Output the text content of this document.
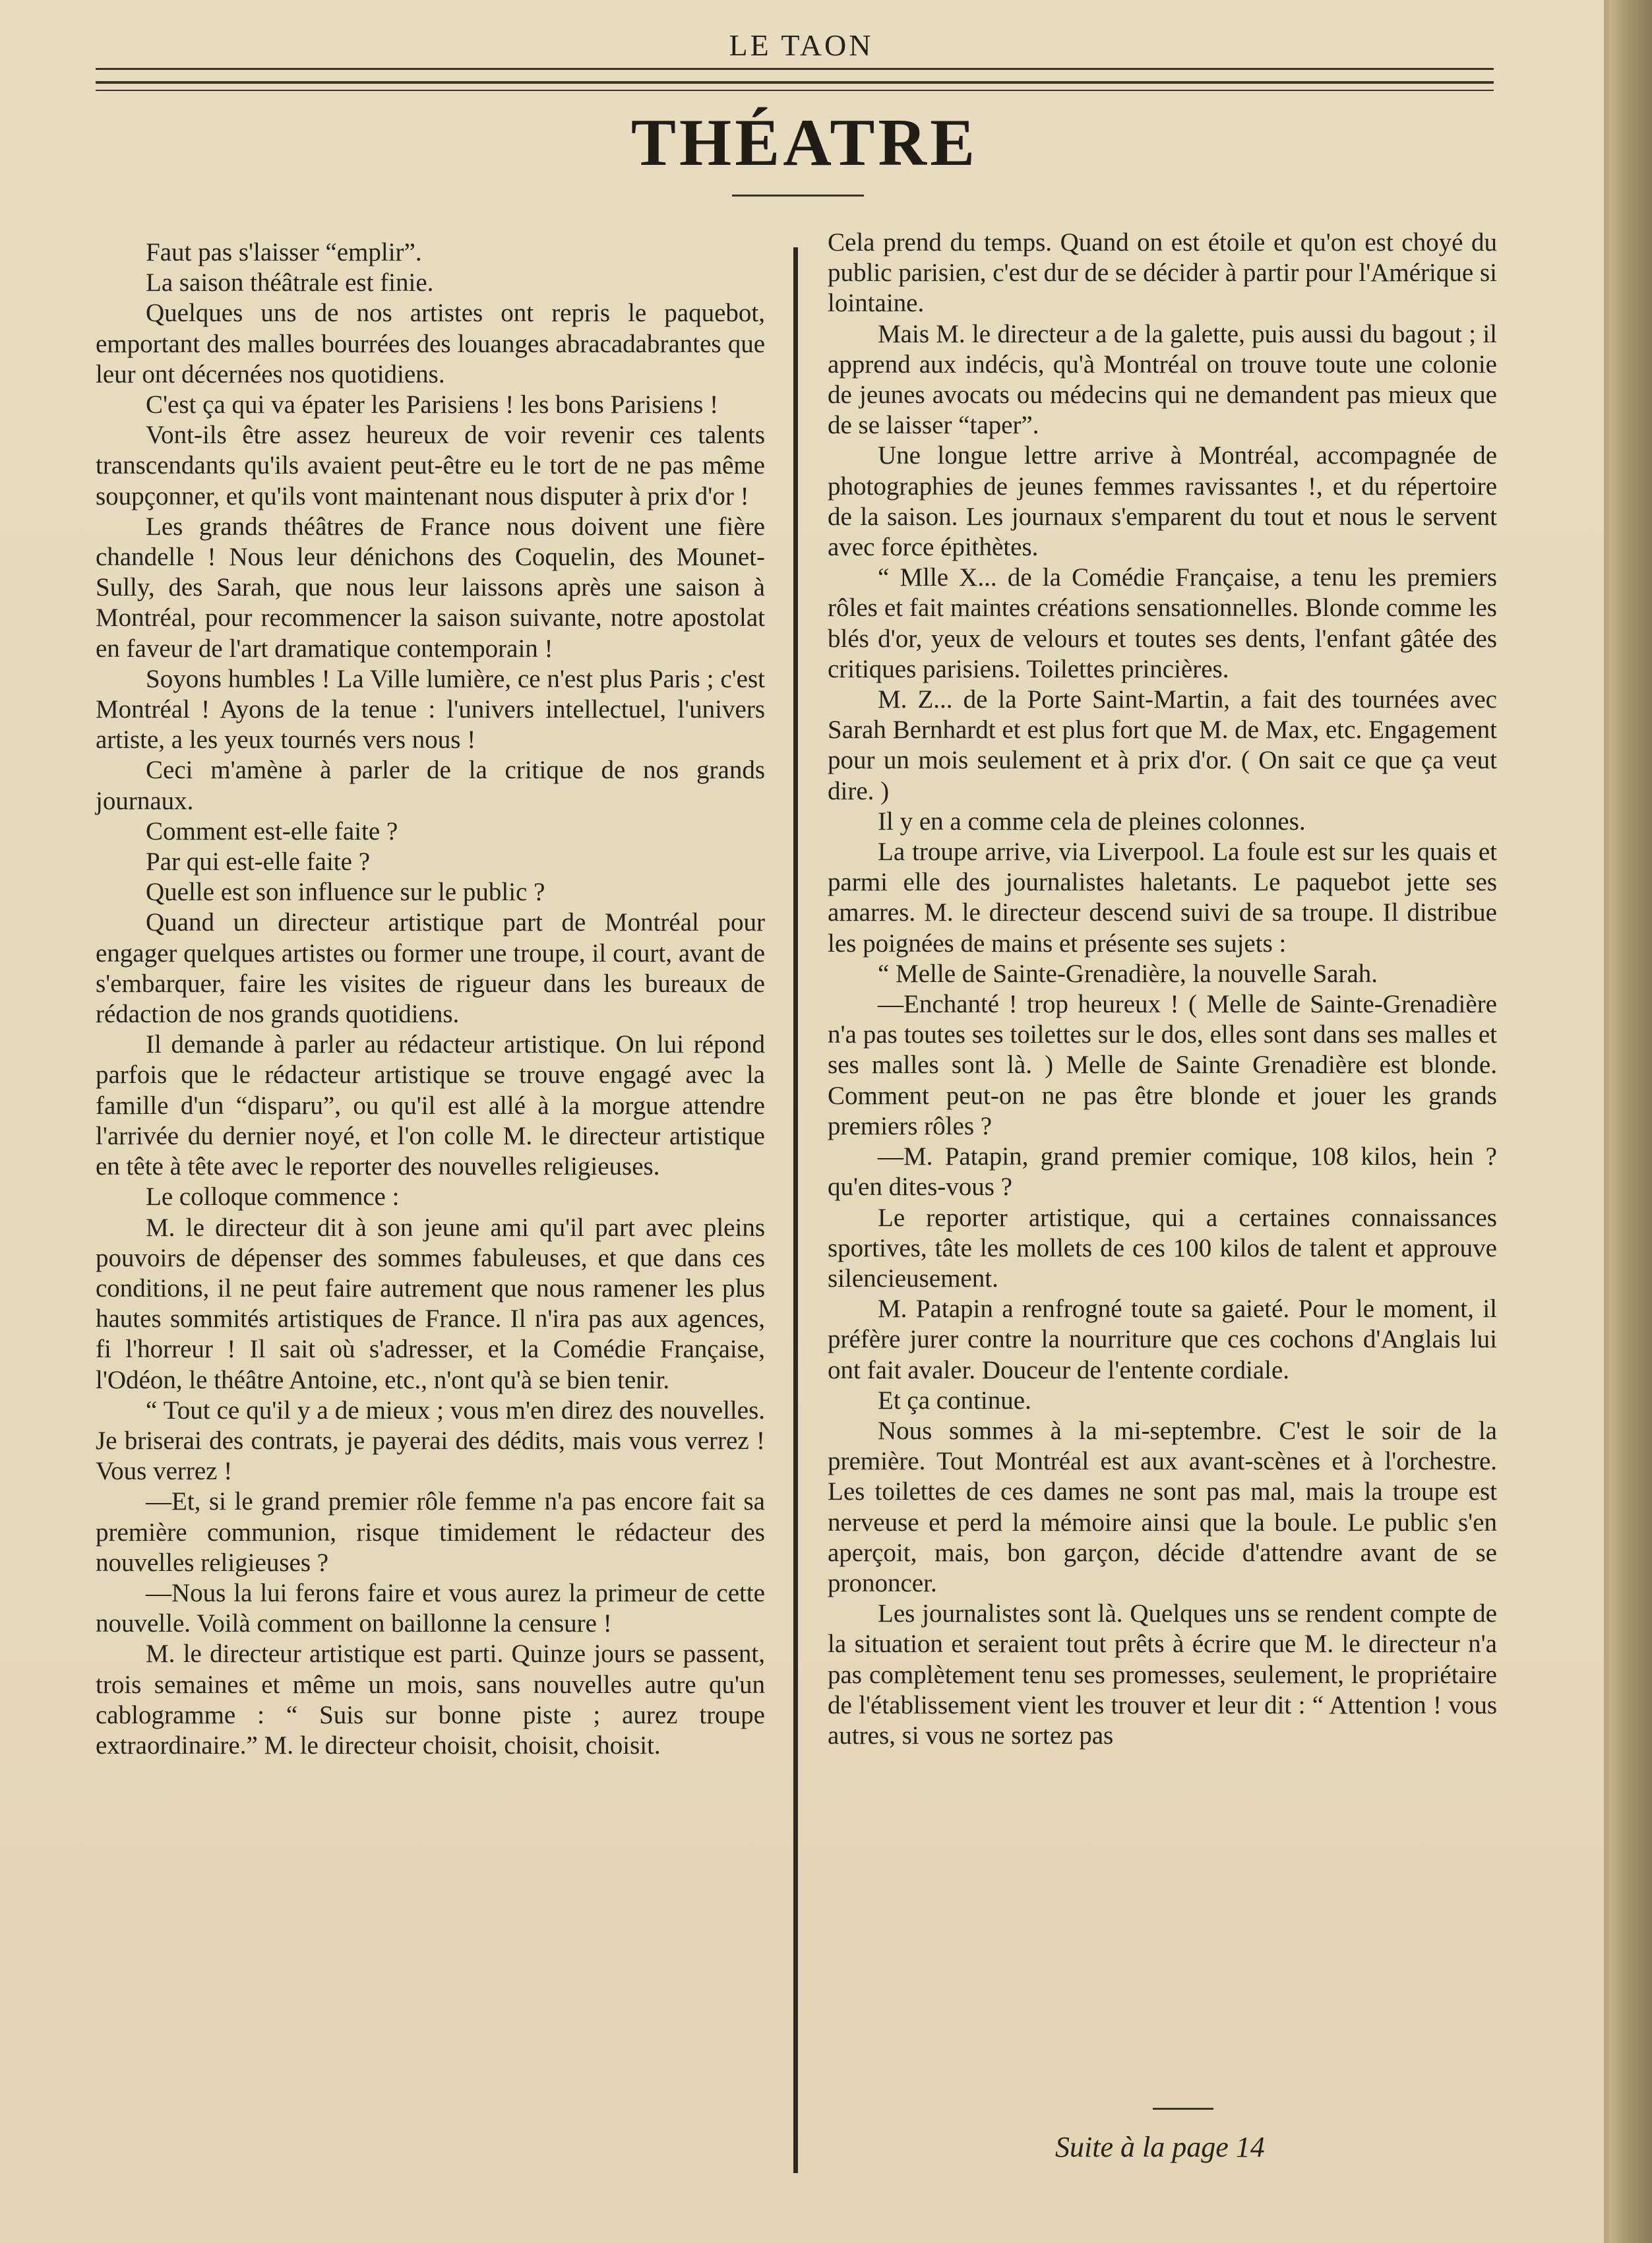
LE TAON
THÉATRE

Faut pas s'laisser “emplir”.

La saison théâtrale est finie.

Quelques uns de nos artistes ont repris le paquebot, emportant des malles bourrées des louanges abracadabrantes que leur ont décernées nos quotidiens.

C'est ça qui va épater les Parisiens ! les bons Parisiens !

Vont-ils être assez heureux de voir revenir ces talents transcendants qu'ils avaient peut-être eu le tort de ne pas même soupçonner, et qu'ils vont maintenant nous disputer à prix d'or !

Les grands théâtres de France nous doivent une fière chandelle ! Nous leur dénichons des Coquelin, des Mounet-Sully, des Sarah, que nous leur laissons après une saison à Montréal, pour recommencer la saison suivante, notre apostolat en faveur de l'art dramatique contemporain !

Soyons humbles ! La Ville lumière, ce n'est plus Paris ; c'est Montréal ! Ayons de la tenue : l'univers intellectuel, l'univers artiste, a les yeux tournés vers nous !

Ceci m'amène à parler de la critique de nos grands journaux.

Comment est-elle faite ?

Par qui est-elle faite ?

Quelle est son influence sur le public ?

Quand un directeur artistique part de Montréal pour engager quelques artistes ou former une troupe, il court, avant de s'embarquer, faire les visites de rigueur dans les bureaux de rédaction de nos grands quotidiens.

Il demande à parler au rédacteur artistique. On lui répond parfois que le rédacteur artistique se trouve engagé avec la famille d'un “disparu”, ou qu'il est allé à la morgue attendre l'arrivée du dernier noyé, et l'on colle M. le directeur artistique en tête à tête avec le reporter des nouvelles religieuses.

Le colloque commence :

M. le directeur dit à son jeune ami qu'il part avec pleins pouvoirs de dépenser des sommes fabuleuses, et que dans ces conditions, il ne peut faire autrement que nous ramener les plus hautes sommités artistiques de France. Il n'ira pas aux agences, fi l'horreur ! Il sait où s'adresser, et la Comédie Française, l'Odéon, le théâtre Antoine, etc., n'ont qu'à se bien tenir.

“ Tout ce qu'il y a de mieux ; vous m'en direz des nouvelles. Je briserai des contrats, je payerai des dédits, mais vous verrez ! Vous verrez !

—Et, si le grand premier rôle femme n'a pas encore fait sa première communion, risque timidement le rédacteur des nouvelles religieuses ?

—Nous la lui ferons faire et vous aurez la primeur de cette nouvelle. Voilà comment on baillonne la censure !

M. le directeur artistique est parti. Quinze jours se passent, trois semaines et même un mois, sans nouvelles autre qu'un cablogramme : “ Suis sur bonne piste ; aurez troupe extraordinaire.” M. le directeur choisit, choisit, choisit.

Cela prend du temps. Quand on est étoile et qu'on est choyé du public parisien, c'est dur de se décider à partir pour l'Amérique si lointaine.

Mais M. le directeur a de la galette, puis aussi du bagout ; il apprend aux indécis, qu'à Montréal on trouve toute une colonie de jeunes avocats ou médecins qui ne demandent pas mieux que de se laisser “taper”.

Une longue lettre arrive à Montréal, accompagnée de photographies de jeunes femmes ravissantes !, et du répertoire de la saison. Les journaux s'emparent du tout et nous le servent avec force épithètes.

“ Mlle X... de la Comédie Française, a tenu les premiers rôles et fait maintes créations sensationnelles. Blonde comme les blés d'or, yeux de velours et toutes ses dents, l'enfant gâtée des critiques parisiens. Toilettes princières.

M. Z... de la Porte Saint-Martin, a fait des tournées avec Sarah Bernhardt et est plus fort que M. de Max, etc. Engagement pour un mois seulement et à prix d'or. ( On sait ce que ça veut dire. )

Il y en a comme cela de pleines colonnes.

La troupe arrive, via Liverpool. La foule est sur les quais et parmi elle des journalistes haletants. Le paquebot jette ses amarres. M. le directeur descend suivi de sa troupe. Il distribue les poignées de mains et présente ses sujets :

“ Melle de Sainte-Grenadière, la nouvelle Sarah.

—Enchanté ! trop heureux ! ( Melle de Sainte-Grenadière n'a pas toutes ses toilettes sur le dos, elles sont dans ses malles et ses malles sont là. ) Melle de Sainte Grenadière est blonde. Comment peut-on ne pas être blonde et jouer les grands premiers rôles ?

—M. Patapin, grand premier comique, 108 kilos, hein ? qu'en dites-vous ?

Le reporter artistique, qui a certaines connaissances sportives, tâte les mollets de ces 100 kilos de talent et approuve silencieusement.

M. Patapin a renfrogné toute sa gaieté. Pour le moment, il préfère jurer contre la nourriture que ces cochons d'Anglais lui ont fait avaler. Douceur de l'entente cordiale.

Et ça continue.

Nous sommes à la mi-septembre. C'est le soir de la première. Tout Montréal est aux avant-scènes et à l'orchestre. Les toilettes de ces dames ne sont pas mal, mais la troupe est nerveuse et perd la mémoire ainsi que la boule. Le public s'en aperçoit, mais, bon garçon, décide d'attendre avant de se prononcer.

Les journalistes sont là. Quelques uns se rendent compte de la situation et seraient tout prêts à écrire que M. le directeur n'a pas complètement tenu ses promesses, seulement, le propriétaire de l'établissement vient les trouver et leur dit : “ Attention ! vous autres, si vous ne sortez pas

Suite à la page 14
